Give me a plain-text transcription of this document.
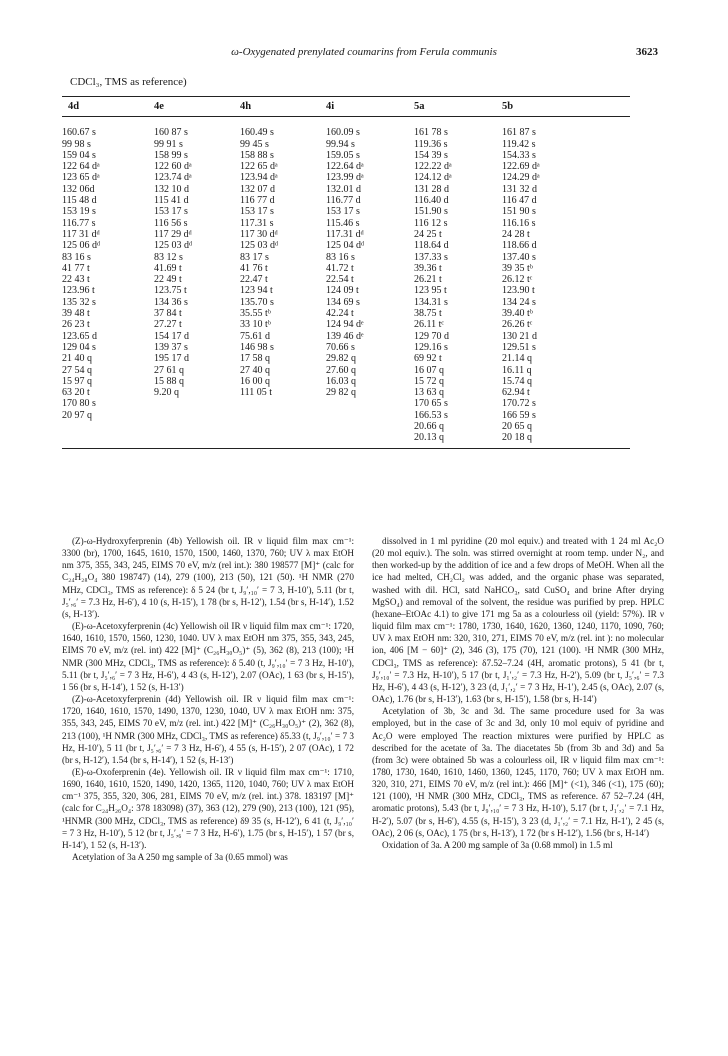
ω-Oxygenated prenylated coumarins from Ferula communis	3623
CDCl₃, TMS as reference)
4d	4e	4h	4i	5a	5b
160.67 s	160 87 s	160.49 s	160.09 s	161 78 s	161 87 s
99 98 s	99 91 s	99 45 s	99.94 s	119.36 s	119.42 s
159 04 s	158 99 s	158 88 s	159.05 s	154 39 s	154.33 s
122 64 dᵃ	122 60 dᵃ	122 65 dᵃ	122.64 dᵃ	122.22 dᵃ	122.69 dᵃ
123 65 dᵃ	123.74 dᵃ	123.94 dᵃ	123.99 dᵃ	124.12 dᵃ	124.29 dᵃ
132 06d	132 10 d	132 07 d	132.01 d	131 28 d	131 32 d
115 48 d	115 41 d	116 77 d	116.77 d	116.40 d	116 47 d
153 19 s	153 17 s	153 17 s	153 17 s	151.90 s	151 90 s
116.77 s	116 56 s	117.31 s	115.46 s	116 12 s	116.16 s
117 31 dᵈ	117 29 dᵈ	117 30 dᵈ	117.31 dᵈ	24 25 t	24 28 t
125 06 dᵈ	125 03 dᵈ	125 03 dᵈ	125 04 dᵈ	118.64 d	118.66 d
83 16 s	83 12 s	83 17 s	83 16 s	137.33 s	137.40 s
41 77 t	41.69 t	41 76 t	41.72 t	39.36 t	39 35 tᵇ
22 43 t	22 49 t	22.47 t	22.54 t	26.21 t	26.12 tᶜ
123.96 t	123.75 t	123 94 t	124 09 t	123 95 t	123.90 t
135 32 s	134 36 s	135.70 s	134 69 s	134.31 s	134 24 s
39 48 t	37 84 t	35.55 tᵇ	42.24 t	38.75 t	39.40 tᵇ
26 23 t	27.27 t	33 10 tᵇ	124 94 dᵉ	26.11 tᶜ	26.26 tᶜ
123.65 d	154 17 d	75.61 d	139 46 dᵉ	129 70 d	130 21 d
129 04 s	139 37 s	146 98 s	70.66 s	129.16 s	129.51 s
21 40 q	195 17 d	17 58 q	29.82 q	69 92 t	21.14 q
27 54 q	27 61 q	27 40 q	27.60 q	16 07 q	16.11 q
15 97 q	15 88 q	16 00 q	16.03 q	15 72 q	15.74 q
63 20 t	9.20 q	111 05 t	29 82 q	13 63 q	62.94 t
170 80 s				170 65 s	170.72 s
20 97 q				166.53 s	166 59 s
				20.66 q	20 65 q
				20.13 q	20 18 q

(Z)-ω-Hydroxyferprenin (4b) Yellowish oil. IR ν liquid film max cm⁻¹: 3300 (br), 1700, 1645, 1610, 1570, 1500, 1460, 1370, 760; UV λ max EtOH nm 375, 355, 343, 245, EIMS 70 eV, m/z (rel int.): 380 198577 [M]⁺ (calc for C₂₄H₂₈O₄ 380 198747) (14), 279 (100), 213 (50), 121 (50). ¹H NMR (270 MHz, CDCl₃, TMS as reference): δ 5 24 (br t, J₉′,₁₀′ = 7 3, H-10′), 5.11 (br t, J₅′,₆′ = 7.3 Hz, H-6′), 4 10 (s, H-15′), 1 78 (br s, H-12′), 1.54 (br s, H-14′), 1.52 (s, H-13′).

(E)-ω-Acetoxyferprenin (4c) Yellowish oil IR ν liquid film max cm⁻¹: 1720, 1640, 1610, 1570, 1560, 1230, 1040. UV λ max EtOH nm 375, 355, 343, 245, EIMS 70 eV, m/z (rel. int) 422 [M]⁺ (C₂₆H₃₀O₅)⁺ (5), 362 (8), 213 (100); ¹H NMR (300 MHz, CDCl₃, TMS as reference): δ 5.40 (t, J₉′,₁₀′ = 7 3 Hz, H-10′), 5.11 (br t, J₅′,₆′ = 7 3 Hz, H-6′), 4 43 (s, H-12′), 2.07 (OAc), 1 63 (br s, H-15′), 1 56 (br s, H-14′), 1 52 (s, H-13′)

(Z)-ω-Acetoxyferprenin (4d) Yellowish oil. IR ν liquid film max cm⁻¹: 1720, 1640, 1610, 1570, 1490, 1370, 1230, 1040, UV λ max EtOH nm: 375, 355, 343, 245, EIMS 70 eV, m/z (rel. int.) 422 [M]⁺ (C₂₆H₃₀O₅)⁺ (2), 362 (8), 213 (100), ¹H NMR (300 MHz, CDCl₃, TMS as reference) δ5.33 (t, J₉′,₁₀′ = 7 3 Hz, H-10′), 5 11 (br t, J₅′,₆′ = 7 3 Hz, H-6′), 4 55 (s, H-15′), 2 07 (OAc), 1 72 (br s, H-12′), 1.54 (br s, H-14′), 1 52 (s, H-13′)

(E)-ω-Oxoferprenin (4e). Yellowish oil. IR ν liquid film max cm⁻¹: 1710, 1690, 1640, 1610, 1520, 1490, 1420, 1365, 1120, 1040, 760; UV λ max EtOH cm⁻¹ 375, 355, 320, 306, 281, EIMS 70 eV, m/z (rel. int.) 378. 183197 [M]⁺ (calc for C₂₄H₂₆O₄: 378 183098) (37), 363 (12), 279 (90), 213 (100), 121 (95), ¹HNMR (300 MHz, CDCl₃, TMS as reference) δ9 35 (s, H-12′), 6 41 (t, J₉′,₁₀′ = 7 3 Hz, H-10′), 5 12 (br t, J₅′,₆′ = 7 3 Hz, H-6′), 1.75 (br s, H-15′), 1 57 (br s, H-14′), 1 52 (s, H-13′).

Acetylation of 3a A 250 mg sample of 3a (0.65 mmol) was

dissolved in 1 ml pyridine (20 mol equiv.) and treated with 1 24 ml Ac₂O (20 mol equiv.). The soln. was stirred overnight at room temp. under N₂, and then worked-up by the addition of ice and a few drops of MeOH. When all the ice had melted, CH₂Cl₂ was added, and the organic phase was separated, washed with dil. HCl, satd NaHCO₃, satd CuSO₄ and brine After drying MgSO₄) and removal of the solvent, the residue was purified by prep. HPLC (hexane–EtOAc 4.1) to give 171 mg 5a as a colourless oil (yield: 57%). IR ν liquid film max cm⁻¹: 1780, 1730, 1640, 1620, 1360, 1240, 1170, 1090, 760; UV λ max EtOH nm: 320, 310, 271, EIMS 70 eV, m/z (rel. int ): no molecular ion, 406 [M − 60]⁺ (2), 346 (3), 175 (70), 121 (100). ¹H NMR (300 MHz, CDCl₃, TMS as reference): δ7.52–7.24 (4H, aromatic protons), 5 41 (br t, J₉′,₁₀′ = 7.3 Hz, H-10′), 5 17 (br t, J₁′,₂′ = 7.3 Hz, H-2′), 5.09 (br t, J₅′,₆′ = 7.3 Hz, H-6′), 4 43 (s, H-12′), 3 23 (d, J₁′,₂′ = 7 3 Hz, H-1′), 2.45 (s, OAc), 2.07 (s, OAc), 1.76 (br s, H-13′), 1.63 (br s, H-15′), 1.58 (br s, H-14′)

Acetylation of 3b, 3c and 3d. The same procedure used for 3a was employed, but in the case of 3c and 3d, only 10 mol equiv of pyridine and Ac₂O were employed The reaction mixtures were purified by HPLC as described for the acetate of 3a. The diacetates 5b (from 3b and 3d) and 5a (from 3c) were obtained 5b was a colourless oil, IR ν liquid film max cm⁻¹: 1780, 1730, 1640, 1610, 1460, 1360, 1245, 1170, 760; UV λ max EtOH nm. 320, 310, 271, EIMS 70 eV, m/z (rel int.): 466 [M]⁺ (<1), 346 (<1), 175 (60); 121 (100), ¹H NMR (300 MHz, CDCl₃, TMS as reference. δ7 52–7.24 (4H, aromatic protons), 5.43 (br t, J₉′,₁₀′ = 7 3 Hz, H-10′), 5.17 (br t, J₁′,₂′ = 7.1 Hz, H-2′), 5.07 (br s, H-6′), 4.55 (s, H-15′), 3 23 (d, J₁′,₂′ = 7.1 Hz, H-1′), 2 45 (s, OAc), 2 06 (s, OAc), 1 75 (br s, H-13′), 1 72 (br s H-12′), 1.56 (br s, H-14′)

Oxidation of 3a. A 200 mg sample of 3a (0.68 mmol) in 1.5 ml
